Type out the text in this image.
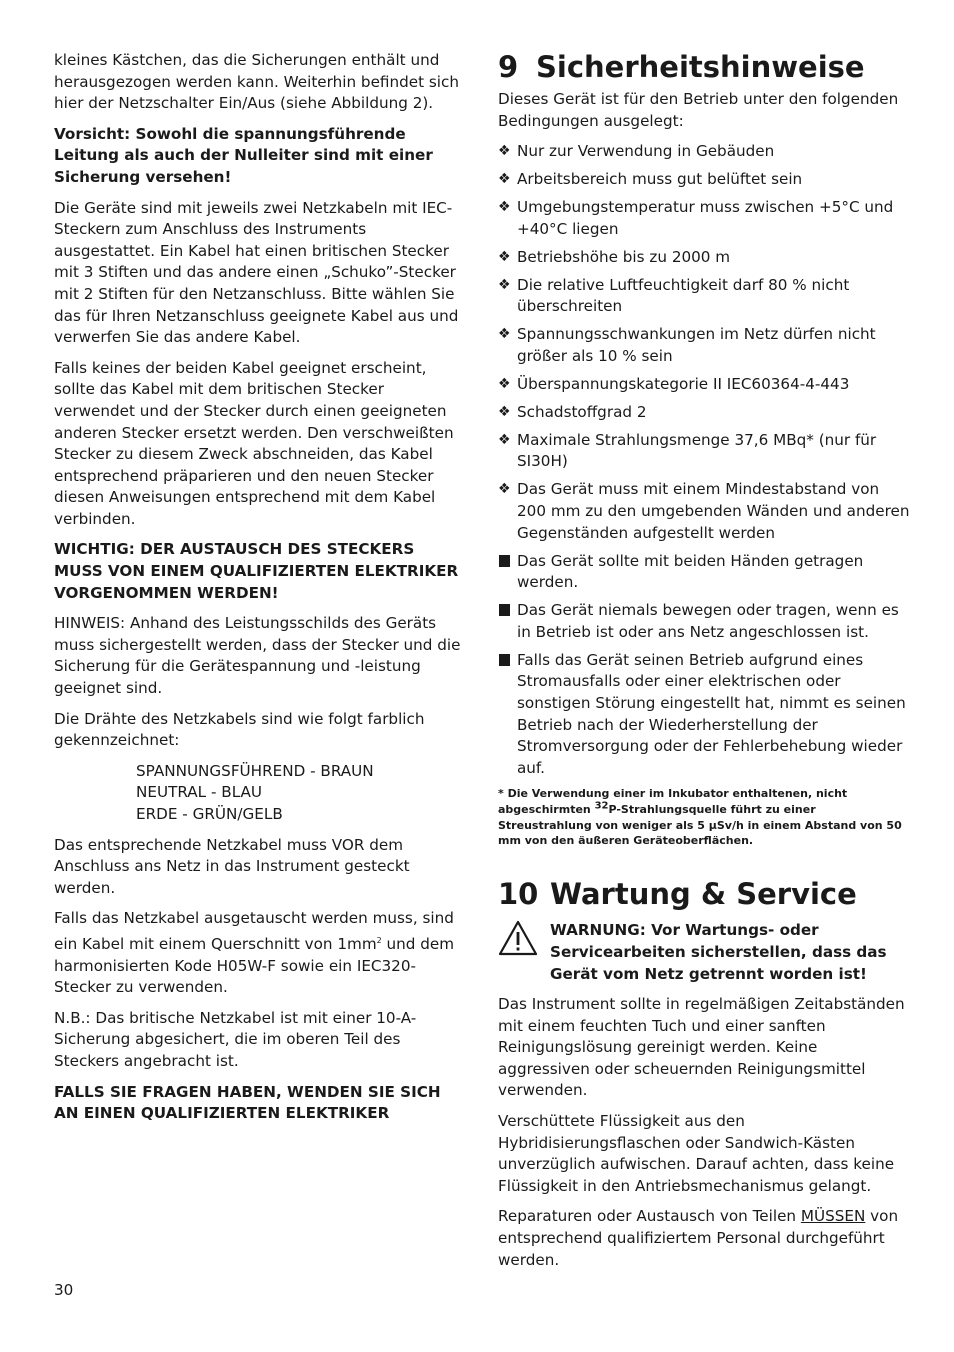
kleines Kästchen, das die Sicherungen enthält und herausgezogen werden kann. Weiterhin befindet sich hier der Netzschalter Ein/Aus (siehe Abbildung 2).

Vorsicht: Sowohl die spannungsführende Leitung als auch der Nulleiter sind mit einer Sicherung versehen!

Die Geräte sind mit jeweils zwei Netzkabeln mit IEC-Steckern zum Anschluss des Instruments ausgestattet. Ein Kabel hat einen britischen Stecker mit 3 Stiften und das andere einen „Schuko”-Stecker mit 2 Stiften für den Netzanschluss. Bitte wählen Sie das für Ihren Netzanschluss geeignete Kabel aus und verwerfen Sie das andere Kabel.

Falls keines der beiden Kabel geeignet erscheint, sollte das Kabel mit dem britischen Stecker verwendet und der Stecker durch einen geeigneten anderen Stecker ersetzt werden. Den verschweißten Stecker zu diesem Zweck abschneiden, das Kabel entsprechend präparieren und den neuen Stecker diesen Anweisungen entsprechend mit dem Kabel verbinden.

WICHTIG: DER AUSTAUSCH DES STECKERS MUSS VON EINEM QUALIFIZIERTEN ELEKTRIKER VORGENOMMEN WERDEN!

HINWEIS: Anhand des Leistungsschilds des Geräts muss sichergestellt werden, dass der Stecker und die Sicherung für die Gerätespannung und -leistung geeignet sind.

Die Drähte des Netzkabels sind wie folgt farblich gekennzeichnet:

SPANNUNGSFÜHREND - BRAUN
NEUTRAL - BLAU
ERDE - GRÜN/GELB

Das entsprechende Netzkabel muss VOR dem Anschluss ans Netz in das Instrument gesteckt werden.

Falls das Netzkabel ausgetauscht werden muss, sind ein Kabel mit einem Querschnitt von $1mm^2$ und dem harmonisierten Kode H05W-F sowie ein IEC320-Stecker zu verwenden.

N.B.: Das britische Netzkabel ist mit einer 10-A-Sicherung abgesichert, die im oberen Teil des Steckers angebracht ist.

FALLS SIE FRAGEN HABEN, WENDEN SIE SICH AN EINEN QUALIFIZIERTEN ELEKTRIKER

9 Sicherheitshinweise

Dieses Gerät ist für den Betrieb unter den folgenden Bedingungen ausgelegt:

❖ Nur zur Verwendung in Gebäuden
❖ Arbeitsbereich muss gut belüftet sein
❖ Umgebungstemperatur muss zwischen +5°C und +40°C liegen
❖ Betriebshöhe bis zu 2000 m
❖ Die relative Luftfeuchtigkeit darf 80 % nicht überschreiten
❖ Spannungsschwankungen im Netz dürfen nicht größer als 10 % sein
❖ Überspannungskategorie II IEC60364-4-443
❖ Schadstoffgrad 2
❖ Maximale Strahlungsmenge 37,6 MBq* (nur für SI30H)
❖ Das Gerät muss mit einem Mindestabstand von 200 mm zu den umgebenden Wänden und anderen Gegenständen aufgestellt werden
Das Gerät sollte mit beiden Händen getragen werden.
Das Gerät niemals bewegen oder tragen, wenn es in Betrieb ist oder ans Netz angeschlossen ist.
Falls das Gerät seinen Betrieb aufgrund eines Stromausfalls oder einer elektrischen oder sonstigen Störung eingestellt hat, nimmt es seinen Betrieb nach der Wiederherstellung der Stromversorgung oder der Fehlerbehebung wieder auf.

* Die Verwendung einer im Inkubator enthaltenen, nicht abgeschirmten $^{32}$P-Strahlungsquelle führt zu einer Streustrahlung von weniger als 5 µSv/h in einem Abstand von 50 mm von den äußeren Geräteoberflächen.

10 Wartung & Service

WARNUNG: Vor Wartungs- oder Servicearbeiten sicherstellen, dass das Gerät vom Netz getrennt worden ist!

Das Instrument sollte in regelmäßigen Zeitabständen mit einem feuchten Tuch und einer sanften Reinigungslösung gereinigt werden. Keine aggressiven oder scheuernden Reinigungsmittel verwenden.

Verschüttete Flüssigkeit aus den Hybridisierungsflaschen oder Sandwich-Kästen unverzüglich aufwischen. Darauf achten, dass keine Flüssigkeit in den Antriebsmechanismus gelangt.

Reparaturen oder Austausch von Teilen MÜSSEN von entsprechend qualifiziertem Personal durchgeführt werden.

30
